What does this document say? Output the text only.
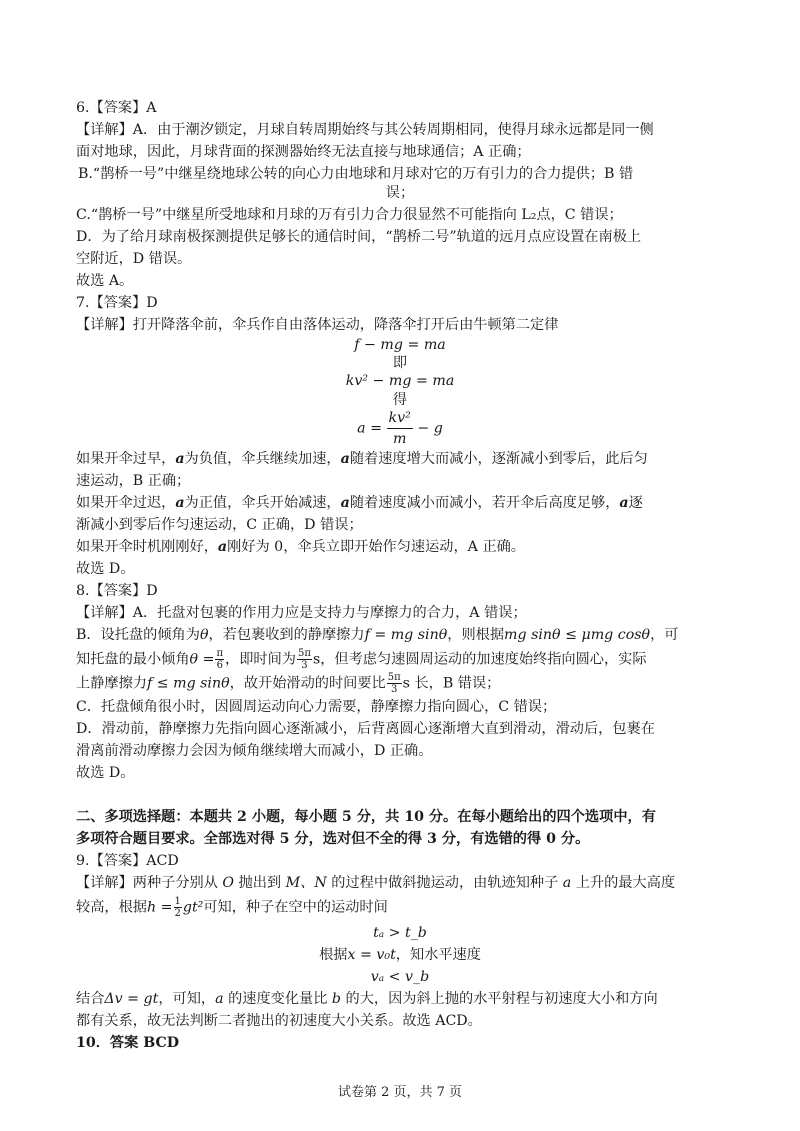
6.【答案】A
【详解】A．由于潮汐锁定，月球自转周期始终与其公转周期相同，使得月球永远都是同一侧
面对地球，因此，月球背面的探测器始终无法直接与地球通信；A 正确；
B.“鹊桥一号”中继星绕地球公转的向心力由地球和月球对它的万有引力的合力提供；B 错
误；
C.“鹊桥一号”中继星所受地球和月球的万有引力合力很显然不可能指向 L₂点，C 错误；
D．为了给月球南极探测提供足够长的通信时间，“鹊桥二号”轨道的远月点应设置在南极上
空附近，D 错误。
故选 A。
7.【答案】D
【详解】打开降落伞前，伞兵作自由落体运动，降落伞打开后由牛顿第二定律
f − mg = ma
即
kv² − mg = ma
得
$a = \frac{\text{kv²}}{m} - g$
如果开伞过早，a为负值，伞兵继续加速，a随着速度增大而减小，逐渐减小到零后，此后匀
速运动，B 正确；
如果开伞过迟，a为正值，伞兵开始减速，a随着速度减小而减小，若开伞后高度足够，a逐
渐减小到零后作匀速运动，C 正确，D 错误；
如果开伞时机刚刚好，a刚好为 0，伞兵立即开始作匀速运动，A 正确。
故选 D。
8.【答案】D
【详解】A．托盘对包裹的作用力应是支持力与摩擦力的合力，A 错误；
B．设托盘的倾角为θ，若包裹收到的静摩擦力f = mg sinθ，则根据mg sinθ ≤ μmg cosθ，可
知托盘的最小倾角$\theta = \frac{\pi}{6}$ ，即时间为 $\frac{5\pi}{3}$ s，但考虑匀速圆周运动的加速度始终指向圆心，实际
上静摩擦力f ≤ mg sinθ，故开始滑动的时间要比 $\frac{5\pi}{3}$ s 长，B 错误；
C．托盘倾角很小时，因圆周运动向心力需要，静摩擦力指向圆心，C 错误；
D．滑动前，静摩擦力先指向圆心逐渐减小，后背离圆心逐渐增大直到滑动，滑动后，包裹在
滑离前滑动摩擦力会因为倾角继续增大而减小，D 正确。
故选 D。
二、多项选择题：本题共 2 小题，每小题 5 分，共 10 分。在每小题给出的四个选项中，有
多项符合题目要求。全部选对得 5 分，选对但不全的得 3 分，有选错的得 0 分。
9.【答案】ACD
【详解】两种子分别从 O 抛出到 M、N 的过程中做斜抛运动，由轨迹知种子 a 上升的最大高度
较高，根据$h = \frac{1}{2} gt^2$可知，种子在空中的运动时间
tₐ > t_b
根据x = v₀t，知水平速度
vₐ < v_b
结合Δv = gt，可知，a 的速度变化量比 b 的大，因为斜上抛的水平射程与初速度大小和方向
都有关系，故无法判断二者抛出的初速度大小关系。故选 ACD。
10．答案 BCD
试卷第 2 页，共 7 页
